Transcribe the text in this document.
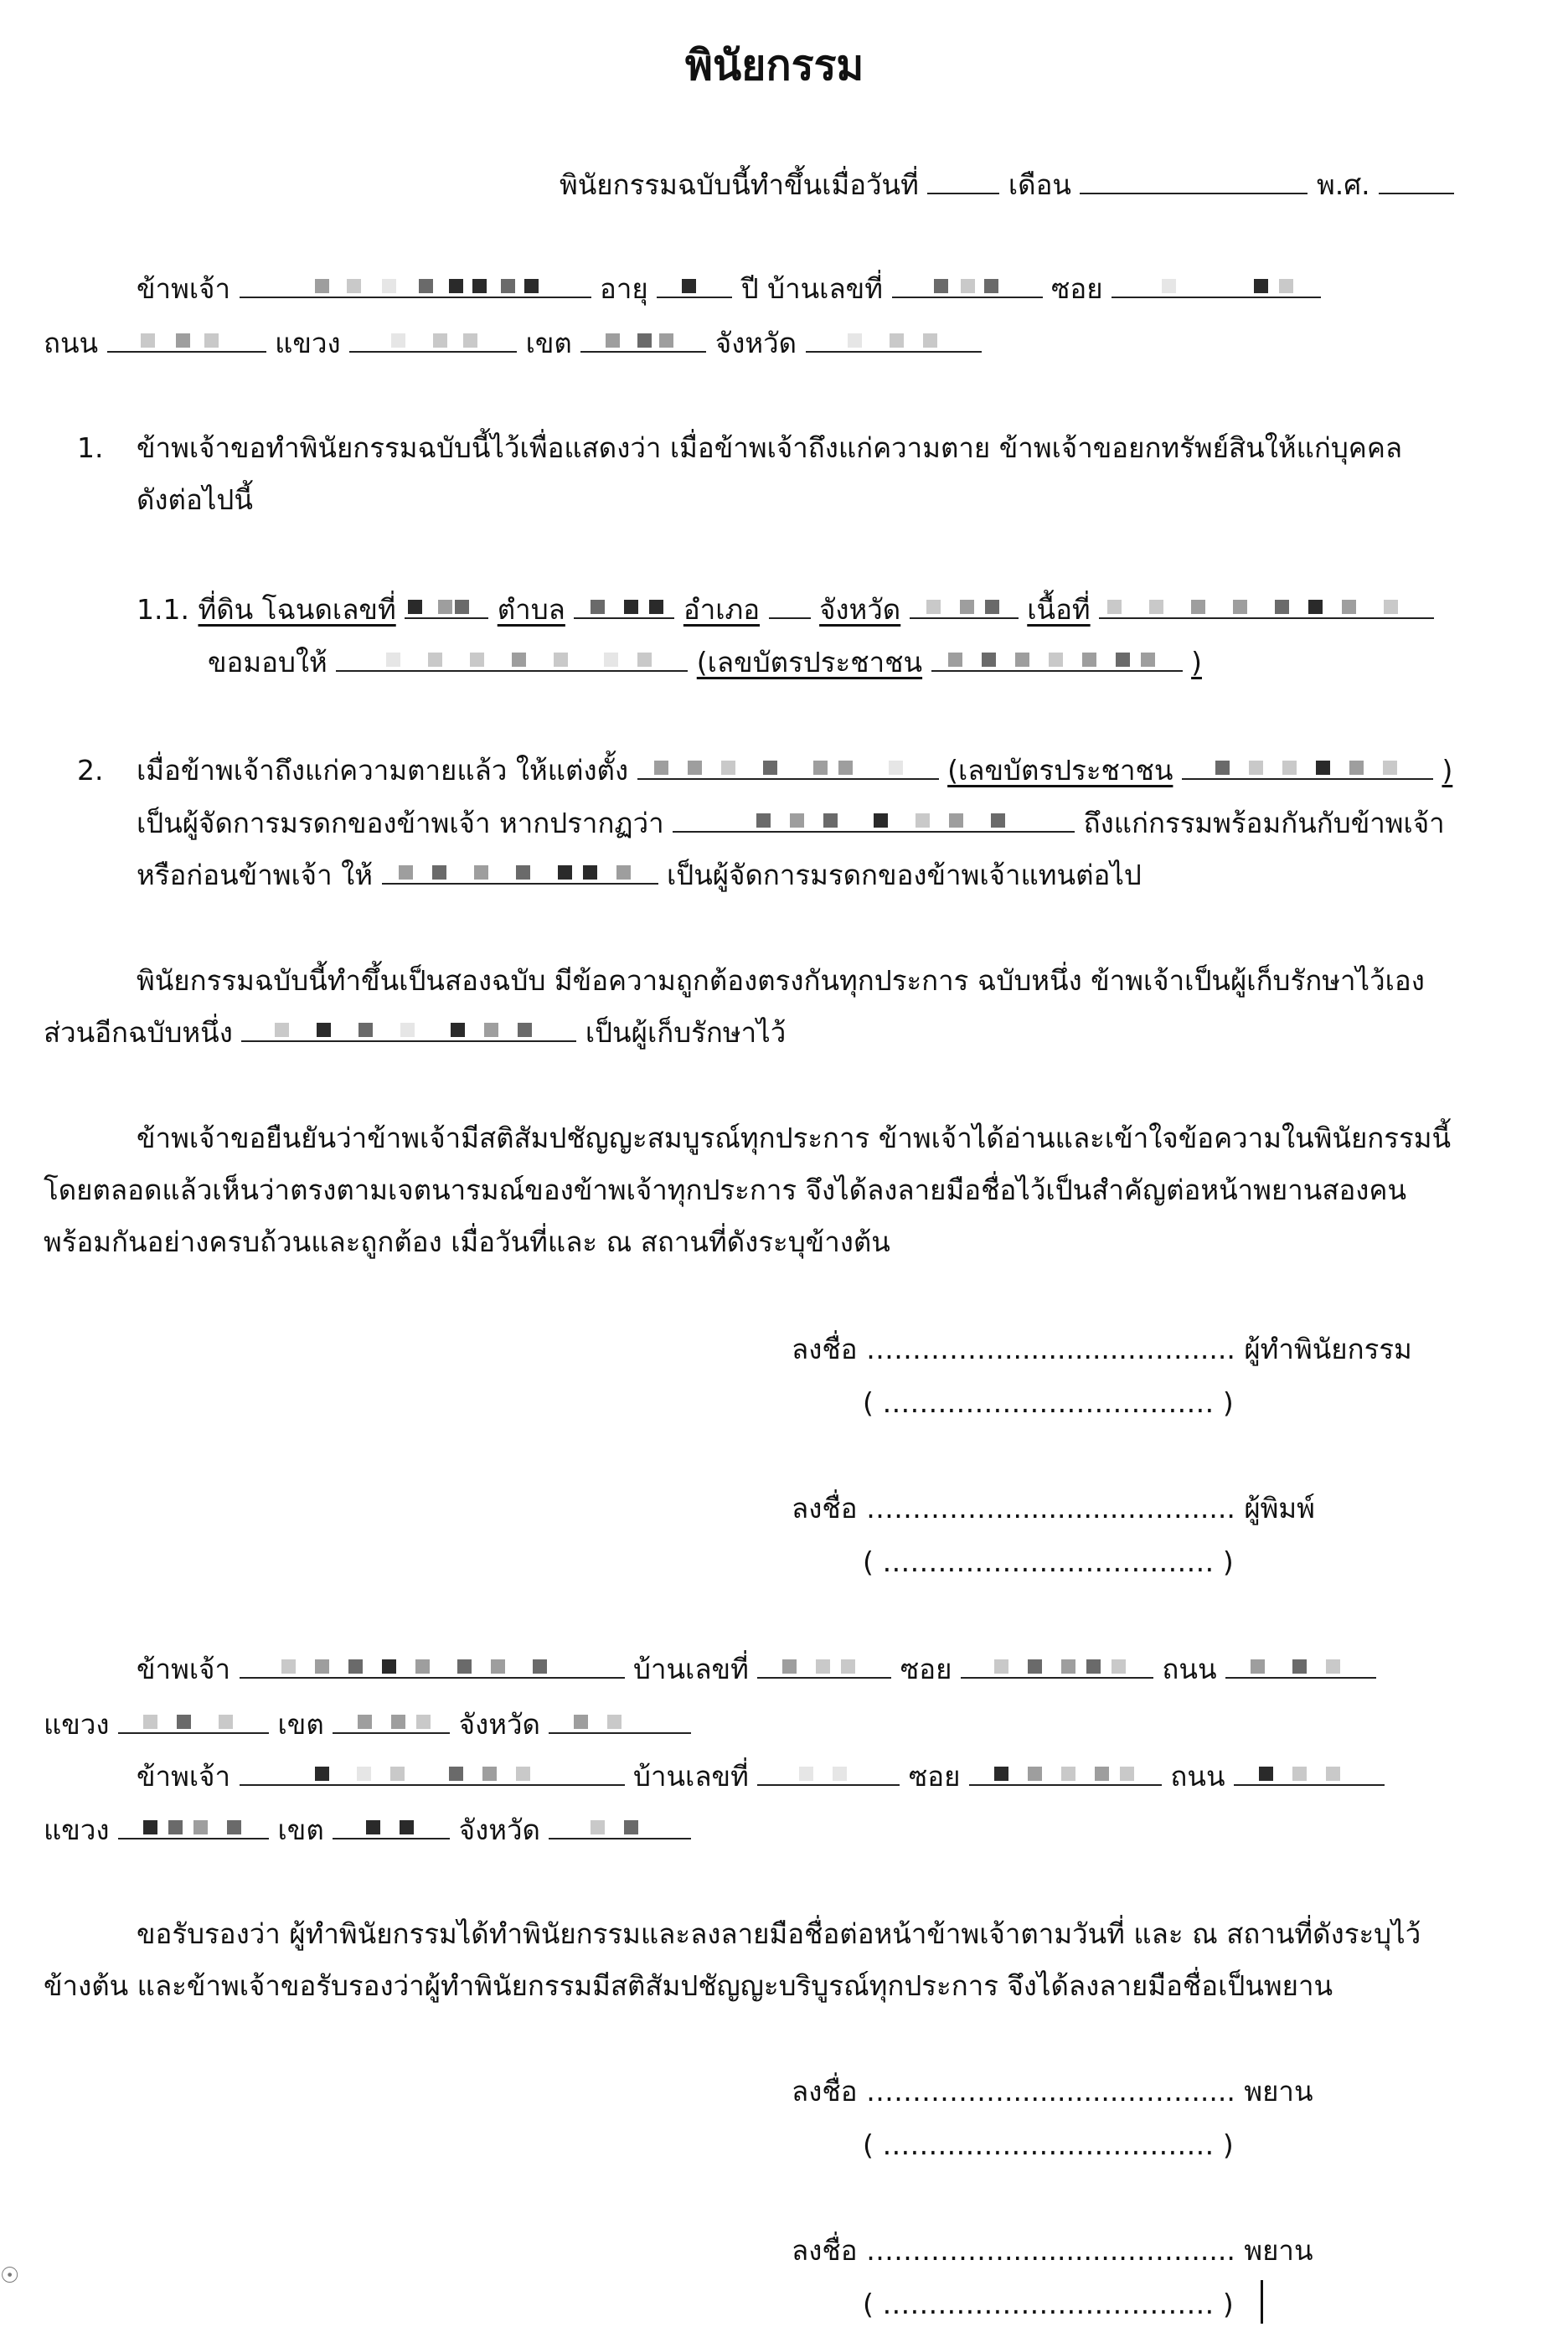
พินัยกรรม
พินัยกรรมฉบับนี้ทำขึ้นเมื่อวันที่	เดือน	พ.ศ.
ข้าพเจ้า	อายุ	ปี บ้านเลขที่	ซอย
ถนน	แขวง	เขต	จังหวัด
1. ข้าพเจ้าขอทำพินัยกรรมฉบับนี้ไว้เพื่อแสดงว่า เมื่อข้าพเจ้าถึงแก่ความตาย ข้าพเจ้าขอยกทรัพย์สินให้แก่บุคคล
ดังต่อไปนี้
1.1. ที่ดิน โฉนดเลขที่	ตำบล	อำเภอ จังหวัด	เนื้อที่
ขอมอบให้	(เลขบัตรประชาชน	)
2. เมื่อข้าพเจ้าถึงแก่ความตายแล้ว ให้แต่งตั้ง	(เลขบัตรประชาชน	)
เป็นผู้จัดการมรดกของข้าพเจ้า หากปรากฏว่า	ถึงแก่กรรมพร้อมกันกับข้าพเจ้า
หรือก่อนข้าพเจ้า ให้	เป็นผู้จัดการมรดกของข้าพเจ้าแทนต่อไป
พินัยกรรมฉบับนี้ทำขึ้นเป็นสองฉบับ มีข้อความถูกต้องตรงกันทุกประการ ฉบับหนึ่ง ข้าพเจ้าเป็นผู้เก็บรักษาไว้เอง
ส่วนอีกฉบับหนึ่ง	เป็นผู้เก็บรักษาไว้
ข้าพเจ้าขอยืนยันว่าข้าพเจ้ามีสติสัมปชัญญะสมบูรณ์ทุกประการ ข้าพเจ้าได้อ่านและเข้าใจข้อความในพินัยกรรมนี้
โดยตลอดแล้วเห็นว่าตรงตามเจตนารมณ์ของข้าพเจ้าทุกประการ จึงได้ลงลายมือชื่อไว้เป็นสำคัญต่อหน้าพยานสองคน
พร้อมกันอย่างครบถ้วนและถูกต้อง เมื่อวันที่และ ณ สถานที่ดังระบุข้างต้น
ลงชื่อ ……………..............……...... ผู้ทำพินัยกรรม
( ……………………………… )
ลงชื่อ ……………..............……...... ผู้พิมพ์
( ……………………………… )
ข้าพเจ้า	บ้านเลขที่	ซอย	ถนน
แขวง	เขต	จังหวัด
ข้าพเจ้า	บ้านเลขที่	ซอย	ถนน
แขวง	เขต	จังหวัด
ขอรับรองว่า ผู้ทำพินัยกรรมได้ทำพินัยกรรมและลงลายมือชื่อต่อหน้าข้าพเจ้าตามวันที่ และ ณ สถานที่ดังระบุไว้
ข้างต้น และข้าพเจ้าขอรับรองว่าผู้ทำพินัยกรรมมีสติสัมปชัญญะบริบูรณ์ทุกประการ จึงได้ลงลายมือชื่อเป็นพยาน
ลงชื่อ ……………..............……...... พยาน
( ……………………………… )
ลงชื่อ ……………..............……...... พยาน
( ……………………………… )
☉
